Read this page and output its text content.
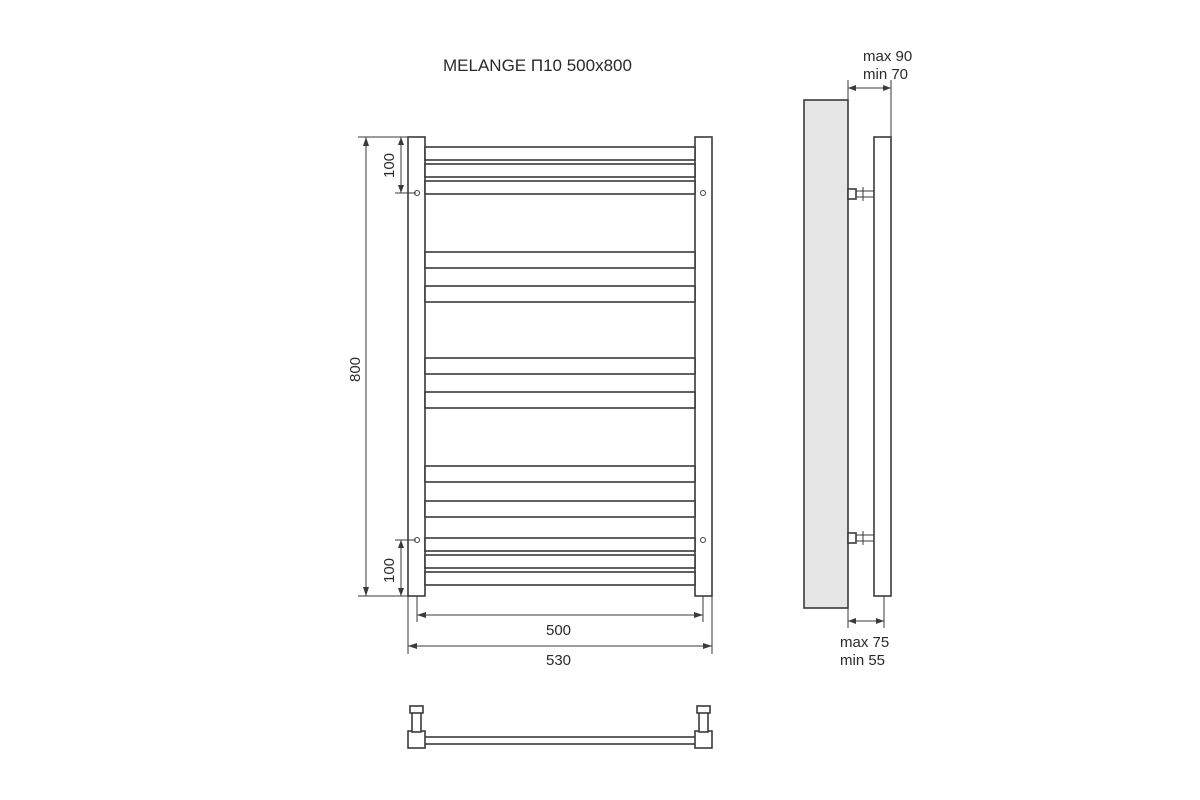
MELANGE П10 500x800
800
100
100
500
530
max 90
min 70
max 75
min 55
